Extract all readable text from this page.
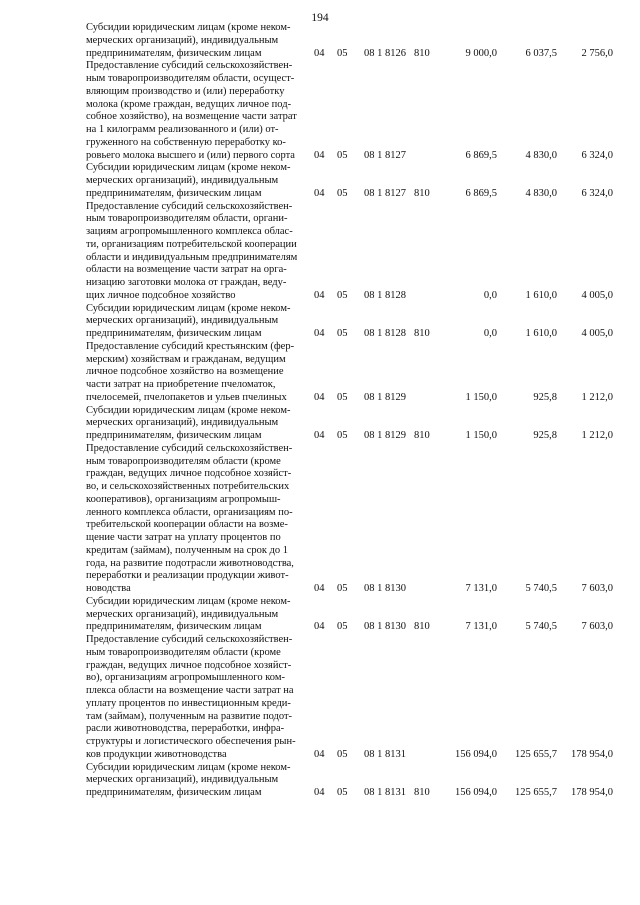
194
Субсидии юридическим лицам (кроме неком-
мерческих организаций), индивидуальным
предпринимателям, физическим лицам	04 05 08 1 8126 810	9 000,0	6 037,5 2 756,0
Предоставление субсидий сельскохозяйствен-
ным товаропроизводителям области, осущест-
вляющим производство и (или) переработку
молока (кроме граждан, ведущих личное под-
собное хозяйство), на возмещение части затрат
на 1 килограмм реализованного и (или) от-
груженного на собственную переработку ко-
ровьего молока высшего и (или) первого сорта	04 05 08 1 8127	6 869,5	4 830,0 6 324,0
Субсидии юридическим лицам (кроме неком-
мерческих организаций), индивидуальным
предпринимателям, физическим лицам	04 05 08 1 8127 810	6 869,5	4 830,0 6 324,0
Предоставление субсидий сельскохозяйствен-
ным товаропроизводителям области, органи-
зациям агропромышленного комплекса облас-
ти, организациям потребительской кооперации
области и индивидуальным предпринимателям
области на возмещение части затрат на орга-
низацию заготовки молока от граждан, веду-
щих личное подсобное хозяйство	04 05 08 1 8128	0,0	1 610,0 4 005,0
Субсидии юридическим лицам (кроме неком-
мерческих организаций), индивидуальным
предпринимателям, физическим лицам	04 05 08 1 8128 810	0,0	1 610,0 4 005,0
Предоставление субсидий крестьянским (фер-
мерским) хозяйствам и гражданам, ведущим
личное подсобное хозяйство на возмещение
части затрат на приобретение пчеломаток,
пчелосемей, пчелопакетов и ульев пчелиных	04 05 08 1 8129	1 150,0	925,8 1 212,0
Субсидии юридическим лицам (кроме неком-
мерческих организаций), индивидуальным
предпринимателям, физическим лицам	04 05 08 1 8129 810	1 150,0	925,8 1 212,0
Предоставление субсидий сельскохозяйствен-
ным товаропроизводителям области (кроме
граждан, ведущих личное подсобное хозяйст-
во, и сельскохозяйственных потребительских
кооперативов), организациям агропромыш-
ленного комплекса области, организациям по-
требительской кооперации области на возме-
щение части затрат на уплату процентов по
кредитам (займам), полученным на срок до 1
года, на развитие подотрасли животноводства,
переработки и реализации продукции живот-
новодства	04 05 08 1 8130	7 131,0	5 740,5 7 603,0
Субсидии юридическим лицам (кроме неком-
мерческих организаций), индивидуальным
предпринимателям, физическим лицам	04 05 08 1 8130 810	7 131,0	5 740,5 7 603,0
Предоставление субсидий сельскохозяйствен-
ным товаропроизводителям области (кроме
граждан, ведущих личное подсобное хозяйст-
во), организациям агропромышленного ком-
плекса области на возмещение части затрат на
уплату процентов по инвестиционным креди-
там (займам), полученным на развитие подот-
расли животноводства, переработки, инфра-
структуры и логистического обеспечения рын-
ков продукции животноводства	04 05 08 1 8131	156 094,0 125 655,7 178 954,0
Субсидии юридическим лицам (кроме неком-
мерческих организаций), индивидуальным
предпринимателям, физическим лицам	04 05 08 1 8131 810 156 094,0 125 655,7 178 954,0
